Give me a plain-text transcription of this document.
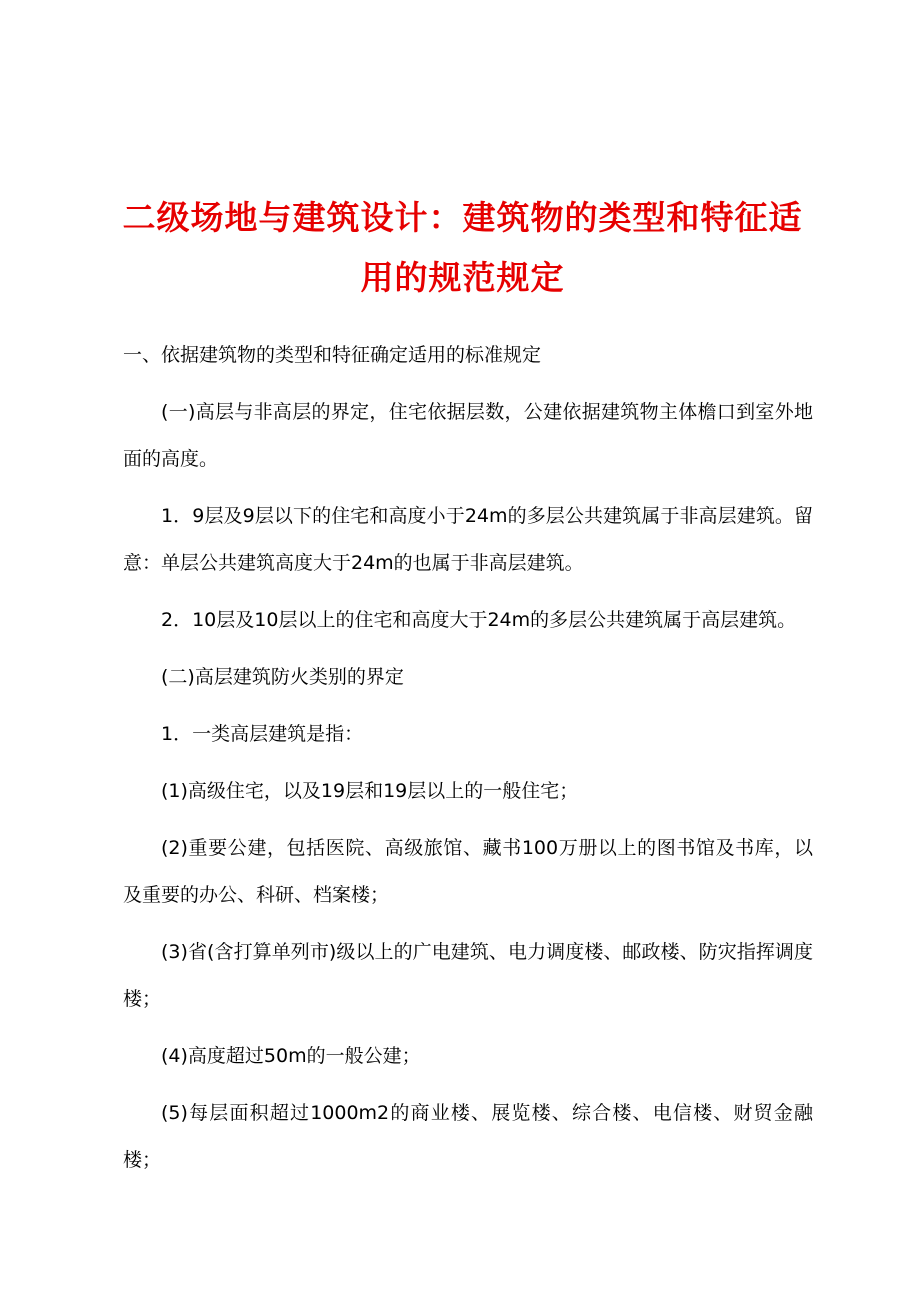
二级场地与建筑设计：建筑物的类型和特征适用的规范规定

一、依据建筑物的类型和特征确定适用的标准规定

(一)高层与非高层的界定，住宅依据层数，公建依据建筑物主体檐口到室外地面的高度。

1．9层及9层以下的住宅和高度小于24m的多层公共建筑属于非高层建筑。留意：单层公共建筑高度大于24m的也属于非高层建筑。

2．10层及10层以上的住宅和高度大于24m的多层公共建筑属于高层建筑。

(二)高层建筑防火类别的界定

1．一类高层建筑是指：

(1)高级住宅，以及19层和19层以上的一般住宅；

(2)重要公建，包括医院、高级旅馆、藏书100万册以上的图书馆及书库，以及重要的办公、科研、档案楼；

(3)省(含打算单列市)级以上的广电建筑、电力调度楼、邮政楼、防灾指挥调度楼；

(4)高度超过50m的一般公建；

(5)每层面积超过1000m2的商业楼、展览楼、综合楼、电信楼、财贸金融楼；
